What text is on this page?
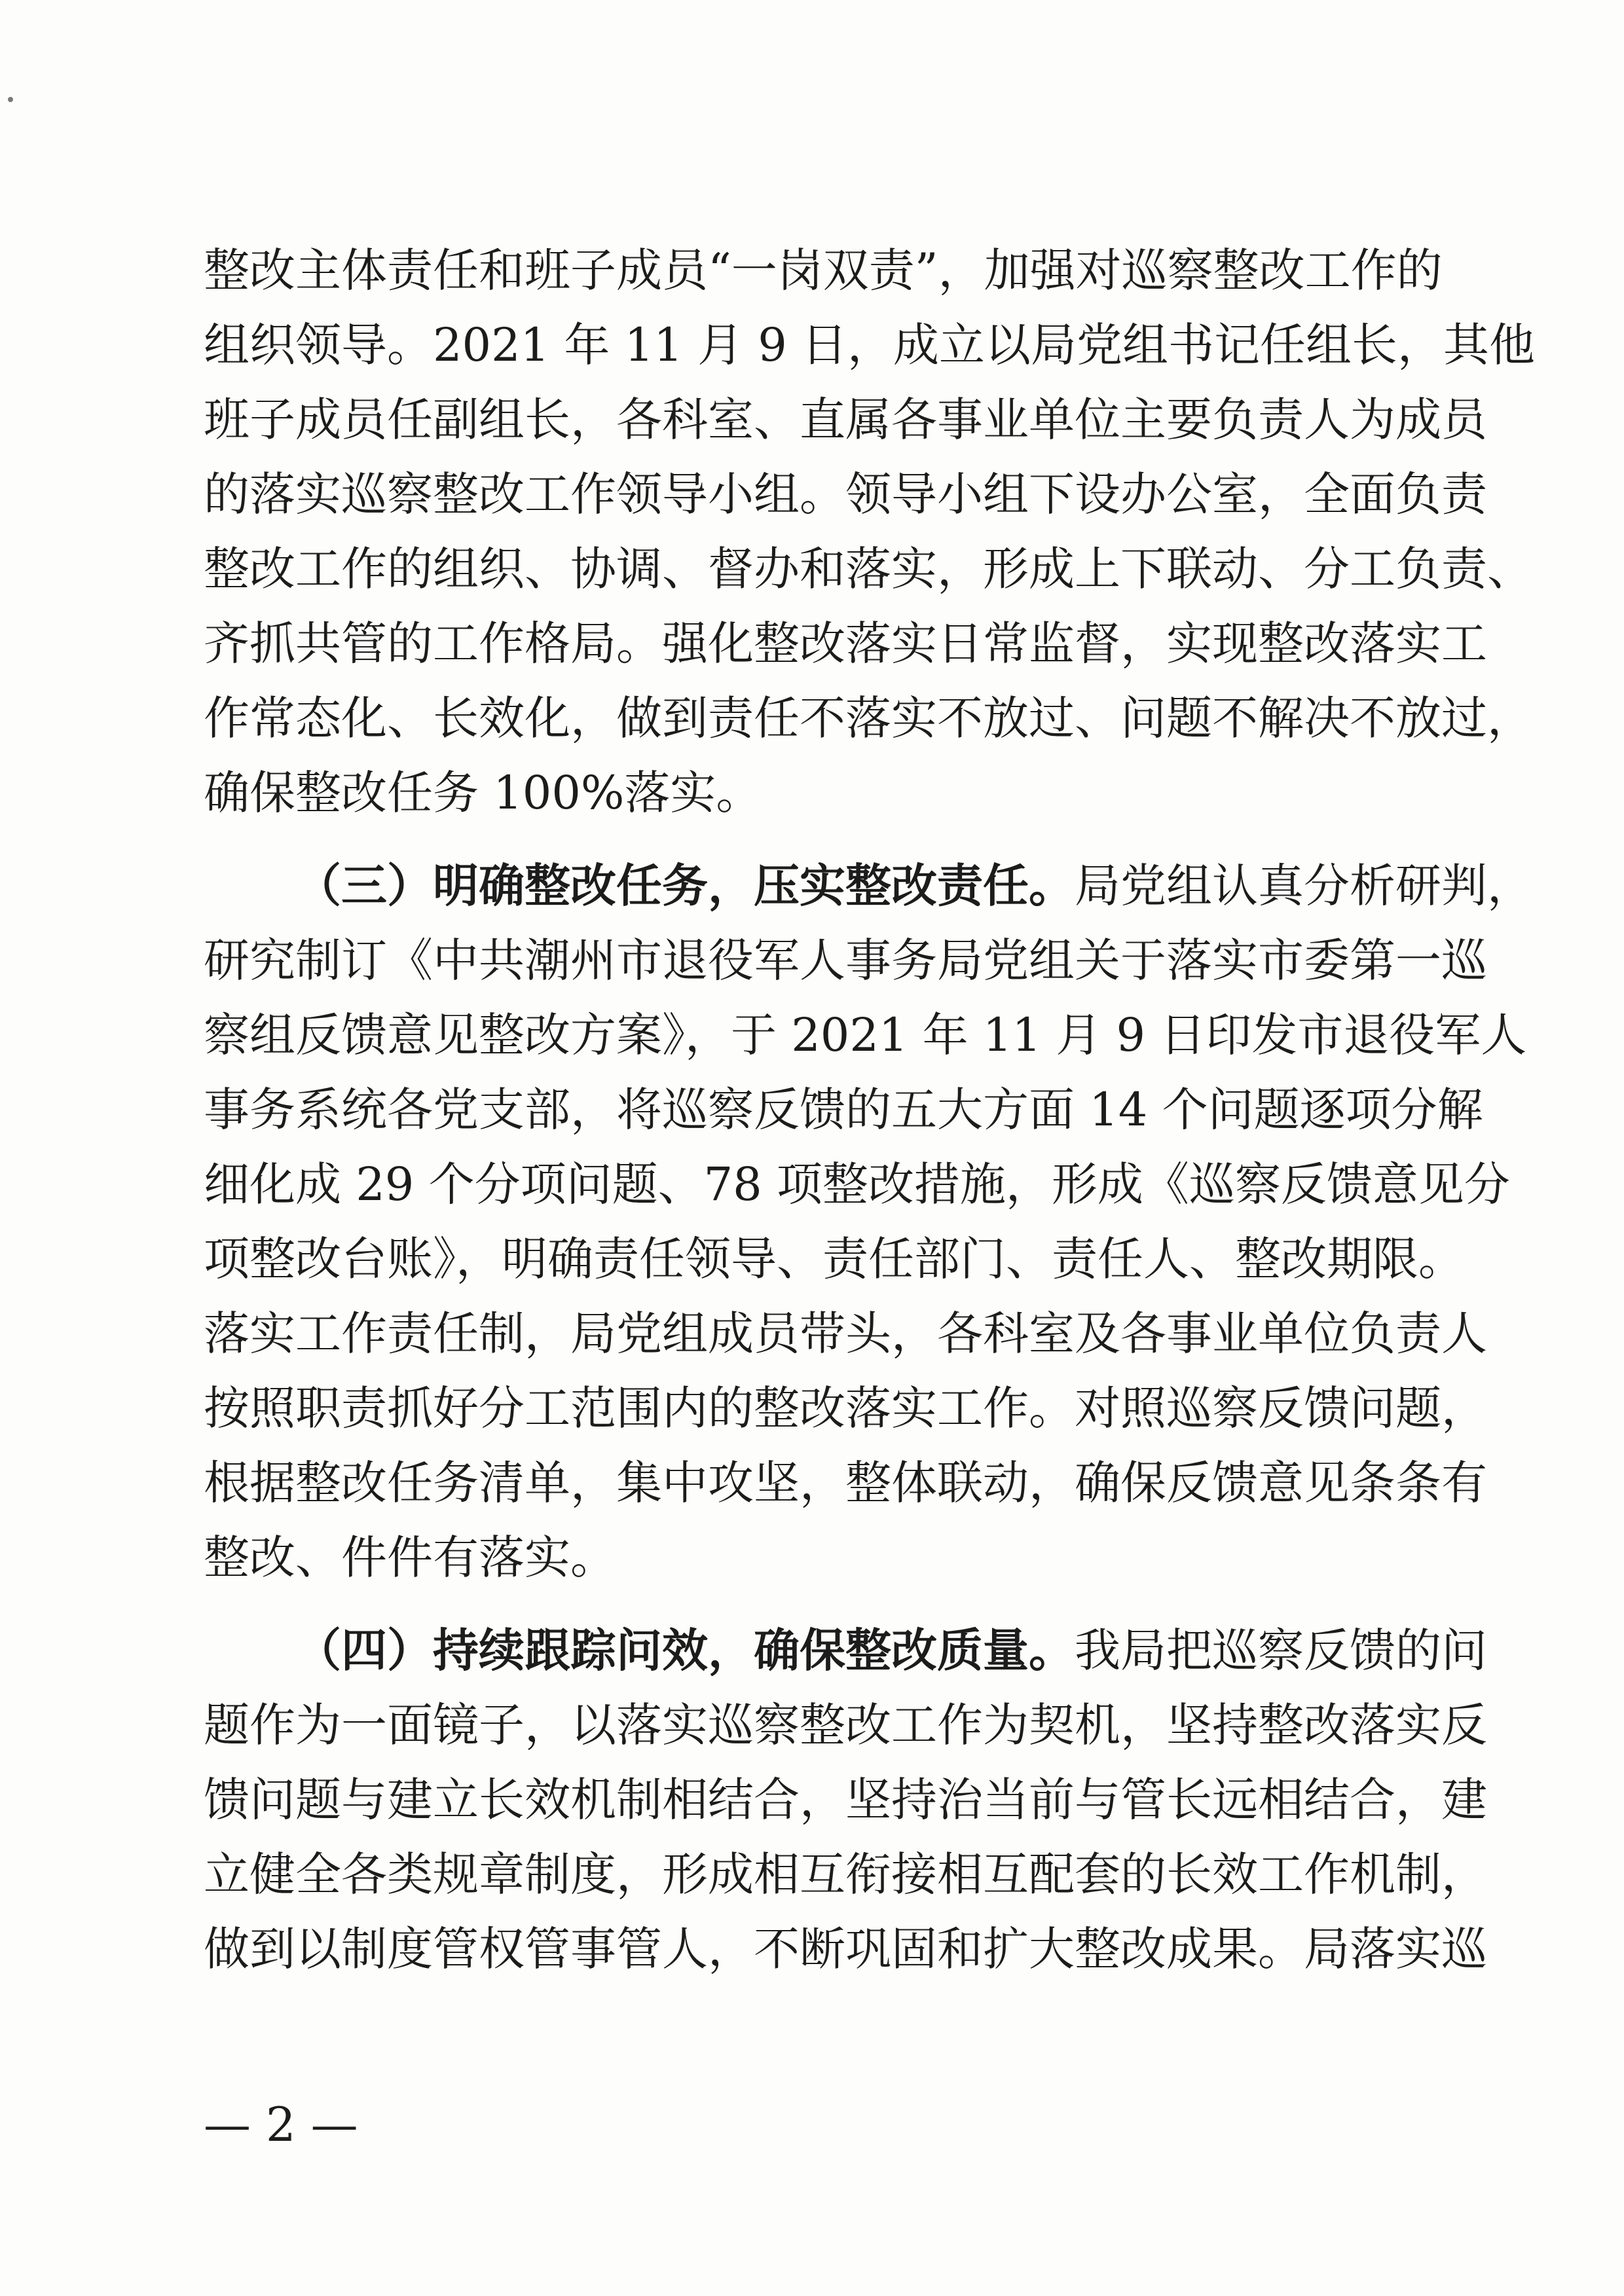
整改主体责任和班子成员“一岗双责”，加强对巡察整改工作的
组织领导。2021 年 11 月 9 日，成立以局党组书记任组长，其他
班子成员任副组长，各科室、直属各事业单位主要负责人为成员
的落实巡察整改工作领导小组。领导小组下设办公室，全面负责
整改工作的组织、协调、督办和落实，形成上下联动、分工负责、
齐抓共管的工作格局。强化整改落实日常监督，实现整改落实工
作常态化、长效化，做到责任不落实不放过、问题不解决不放过，
确保整改任务 100%落实。
（三）明确整改任务，压实整改责任。局党组认真分析研判，
研究制订《中共潮州市退役军人事务局党组关于落实市委第一巡
察组反馈意见整改方案》，于 2021 年 11 月 9 日印发市退役军人
事务系统各党支部，将巡察反馈的五大方面 14 个问题逐项分解
细化成 29 个分项问题、78 项整改措施，形成《巡察反馈意见分
项整改台账》，明确责任领导、责任部门、责任人、整改期限。
落实工作责任制，局党组成员带头，各科室及各事业单位负责人
按照职责抓好分工范围内的整改落实工作。对照巡察反馈问题，
根据整改任务清单，集中攻坚，整体联动，确保反馈意见条条有
整改、件件有落实。
（四）持续跟踪问效，确保整改质量。我局把巡察反馈的问
题作为一面镜子，以落实巡察整改工作为契机，坚持整改落实反
馈问题与建立长效机制相结合，坚持治当前与管长远相结合，建
立健全各类规章制度，形成相互衔接相互配套的长效工作机制，
做到以制度管权管事管人，不断巩固和扩大整改成果。局落实巡
— 2 —
